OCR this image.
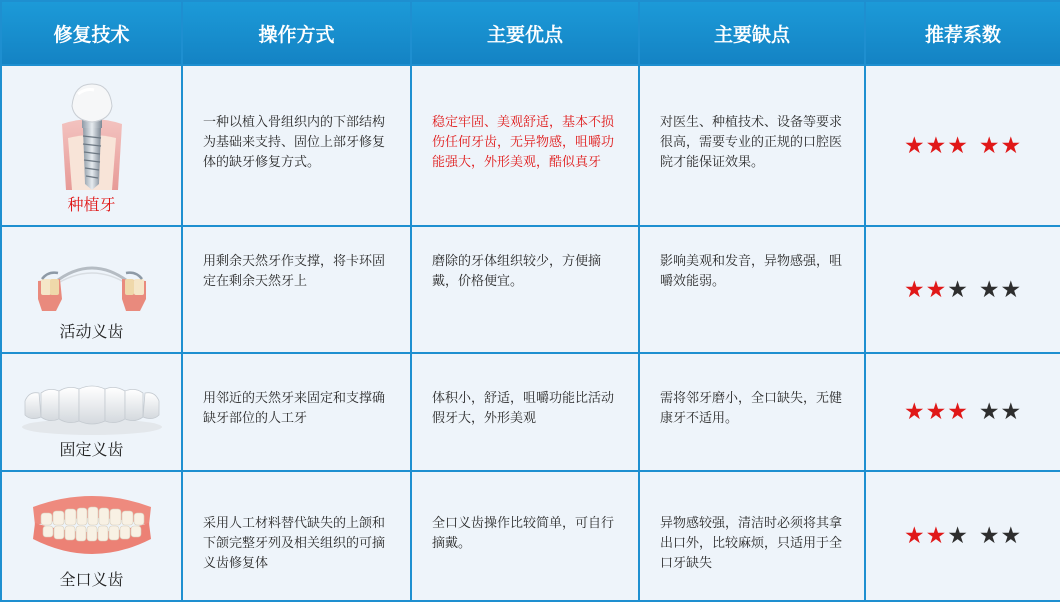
修复技术	操作方式	主要优点	主要缺点	推荐系数

种植牙	一种以植入骨组织内的下部结构为基础来支持、固位上部牙修复体的缺牙修复方式。	稳定牢固、美观舒适，基本不损伤任何牙齿，无异物感，咀嚼功能强大，外形美观，酷似真牙	对医生、种植技术、设备等要求很高，需要专业的正规的口腔医院才能保证效果。	★★★ ★★

活动义齿	用剩余天然牙作支撑，将卡环固定在剩余天然牙上	磨除的牙体组织较少，方便摘戴，价格便宜。	影响美观和发音，异物感强，咀嚼效能弱。	★★★ ★★

固定义齿	用邻近的天然牙来固定和支撑确缺牙部位的人工牙	体积小，舒适，咀嚼功能比活动假牙大，外形美观	需将邻牙磨小，全口缺失，无健康牙不适用。	★★★ ★★

全口义齿	采用人工材料替代缺失的上颌和下颌完整牙列及相关组织的可摘义齿修复体	全口义齿操作比较简单，可自行摘戴。	异物感较强，清洁时必须将其拿出口外，比较麻烦，只适用于全口牙缺失	★★★ ★★
